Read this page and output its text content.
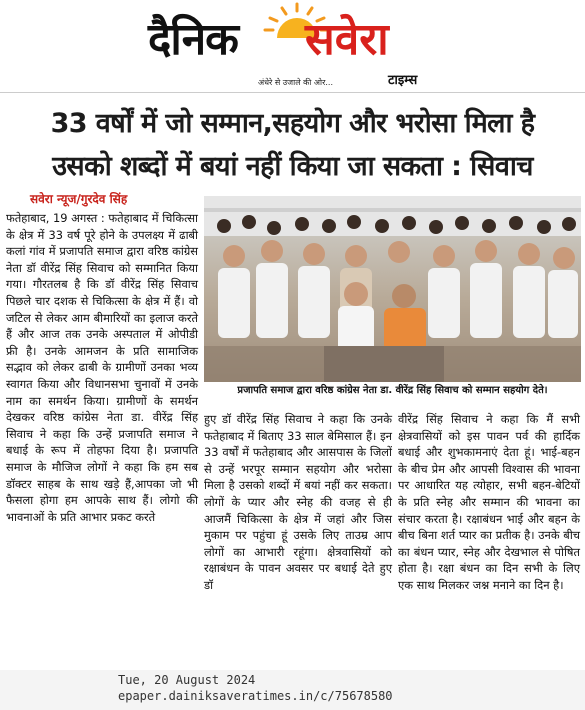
दैनिक सवेरा
अंधेरे से उजाले की ओर...	टाइम्स
33 वर्षों में जो सम्मान,सहयोग और भरोसा मिला है
उसको शब्दों में बयां नहीं किया जा सकता : सिवाच
सवेरा न्यूज/गुरदेव सिंह
फतेहाबाद, 19 अगस्त : फतेहाबाद में चिकित्सा के क्षेत्र में 33 वर्ष पूरे होने के उपलक्ष्य में ढाबी कलां गांव में प्रजापति समाज द्वारा वरिष्ठ कांग्रेस नेता डॉ वीरेंद्र सिंह सिवाच को सम्मानित किया गया। गौरतलब है कि डॉ वीरेंद्र सिंह सिवाच पिछले चार दशक से चिकित्सा के क्षेत्र में हैं। वो जटिल से लेकर आम बीमारियों का इलाज करते हैं और आज तक उनके अस्पताल में ओपीडी फ्री है। उनके आमजन के प्रति सामाजिक सद्भाव को लेकर ढाबी के ग्रामीणों उनका भव्य स्वागत किया और विधानसभा चुनावों में उनके नाम का समर्थन किया। ग्रामीणों के समर्थन देखकर वरिष्ठ कांग्रेस नेता डा. वीरेंद्र सिंह सिवाच ने कहा कि उन्हें प्रजापति समाज ने बधाई के रूप में तोहफा दिया है। प्रजापति समाज के मौजिज लोगों ने कहा कि हम सब डॉक्टर साहब के साथ खड़े हैं,आपका जो भी फैसला होगा हम आपके साथ हैं। लोगो की भावनाओं के प्रति आभार प्रकट करते
प्रजापति समाज द्वारा वरिष्ठ कांग्रेस नेता डा. वीरेंद्र सिंह सिवाच को सम्मान सहयोग देते।
हुए डॉ वीरेंद्र सिंह सिवाच ने कहा कि उनके फतेहाबाद में बिताए 33 साल बेमिसाल हैं। इन 33 वर्षों में फतेहाबाद और आसपास के जिलों से उन्हें भरपूर सम्मान सहयोग और भरोसा मिला है उसको शब्दों में बयां नहीं कर सकता। लोगों के प्यार और स्नेह की वजह से ही आजमैं चिकित्सा के क्षेत्र में जहां और जिस मुकाम पर पहुंचा हूं उसके लिए ताउम्र आप लोगों का आभारी रहूंगा। क्षेत्रवासियों को रक्षाबंधन के पावन अवसर पर बधाई देते हुए डॉ
वीरेंद्र सिंह सिवाच ने कहा कि मैं सभी क्षेत्रवासियों को इस पावन पर्व की हार्दिक बधाई और शुभकामनाएं देता हूं। भाई-बहन के बीच प्रेम और आपसी विश्वास की भावना पर आधारित यह त्योहार, सभी बहन-बेटियों के प्रति स्नेह और सम्मान की भावना का संचार करता है। रक्षाबंधन भाई और बहन के बीच बिना शर्त प्यार का प्रतीक है। उनके बीच का बंधन प्यार, स्नेह और देखभाल से पोषित होता है। रक्षा बंधन का दिन सभी के लिए एक साथ मिलकर जश्न मनाने का दिन है।
Tue, 20 August 2024
epaper.dainiksaveratimes.in/c/75678580
